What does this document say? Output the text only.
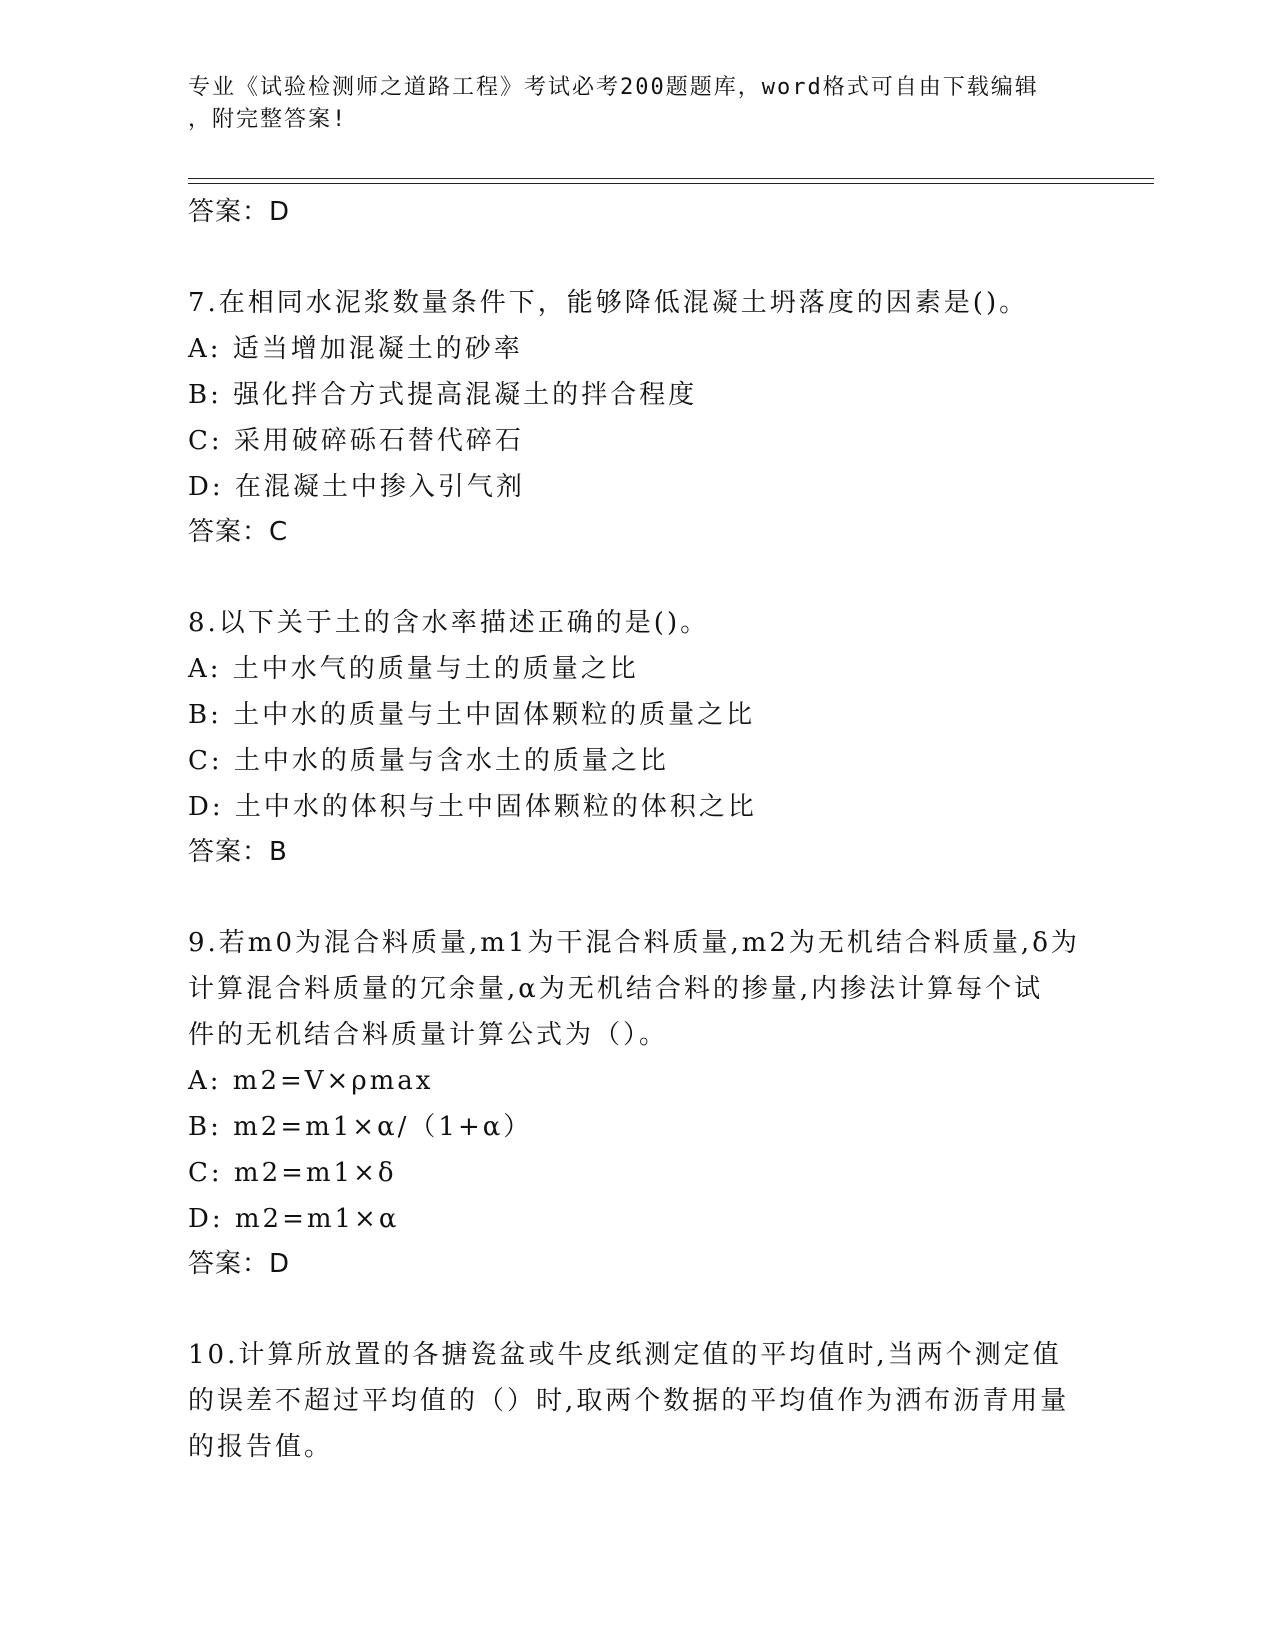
专业《试验检测师之道路工程》考试必考200题题库，word格式可自由下载编辑
，附完整答案!
答案：D
7.在相同水泥浆数量条件下，能够降低混凝土坍落度的因素是()。
A: 适当增加混凝土的砂率
B: 强化拌合方式提高混凝土的拌合程度
C: 采用破碎砾石替代碎石
D: 在混凝土中掺入引气剂
答案：C
8.以下关于土的含水率描述正确的是()。
A: 土中水气的质量与土的质量之比
B: 土中水的质量与土中固体颗粒的质量之比
C: 土中水的质量与含水土的质量之比
D: 土中水的体积与土中固体颗粒的体积之比
答案：B
9.若m0为混合料质量,m1为干混合料质量,m2为无机结合料质量,δ为
计算混合料质量的冗余量,α为无机结合料的掺量,内掺法计算每个试
件的无机结合料质量计算公式为（）。
A: m2=V×ρmax
B: m2=m1×α/（1+α）
C: m2=m1×δ
D: m2=m1×α
答案：D
10.计算所放置的各搪瓷盆或牛皮纸测定值的平均值时,当两个测定值
的误差不超过平均值的（）时,取两个数据的平均值作为洒布沥青用量
的报告值。
